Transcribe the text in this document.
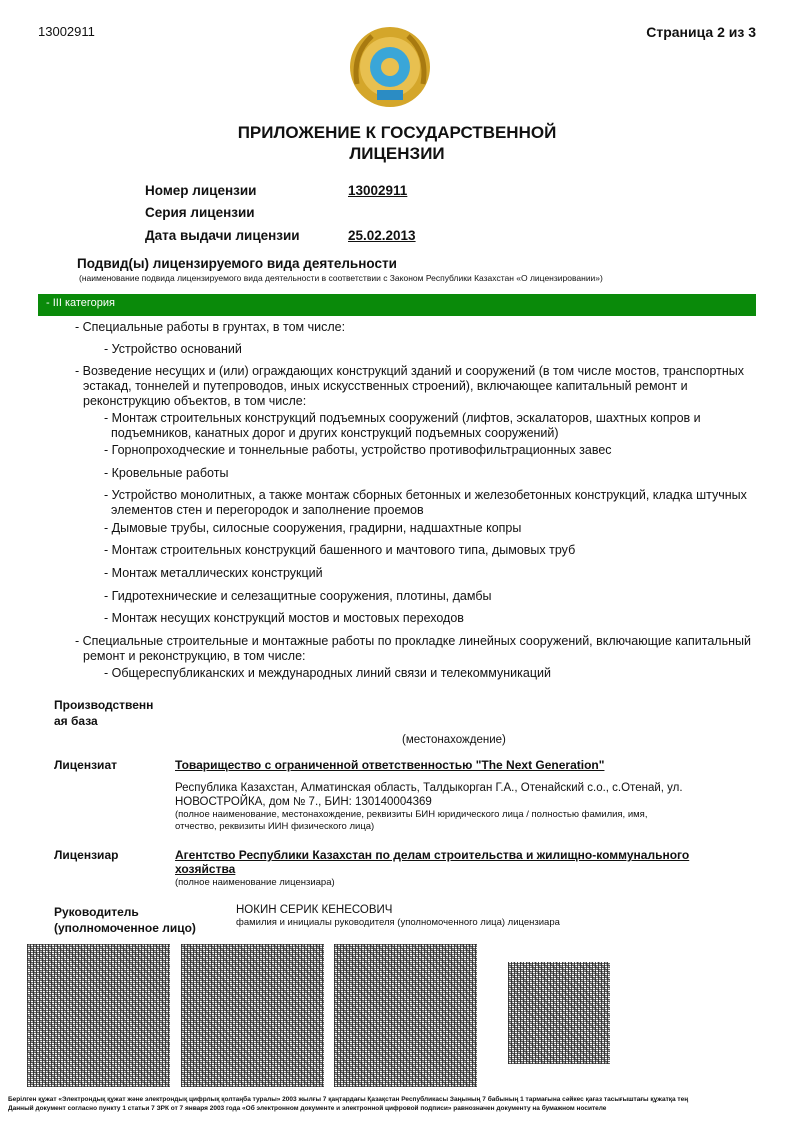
13002911	Страница 2 из 3
ПРИЛОЖЕНИЕ К ГОСУДАРСТВЕННОЙ
ЛИЦЕНЗИИ
Номер лицензии	13002911
Серия лицензии
Дата выдачи лицензии	25.02.2013
Подвид(ы) лицензируемого вида деятельности
(наименование подвида лицензируемого вида деятельности в соответствии с Законом Республики Казахстан «О лицензировании»)
- III категория
- Специальные работы в грунтах, в том числе:
- Устройство оснований
- Возведение несущих и (или) ограждающих конструкций зданий и сооружений (в том числе мостов, транспортных
эстакад, тоннелей и путепроводов, иных искусственных строений), включающее капитальный ремонт и
реконструкцию объектов, в том числе:
- Монтаж строительных конструкций подъемных сооружений (лифтов, эскалаторов, шахтных копров и
подъемников, канатных дорог и других конструкций подъемных сооружений)
- Горнопроходческие и тоннельные работы, устройство противофильтрационных завес
- Кровельные работы
- Устройство монолитных, а также монтаж сборных бетонных и железобетонных конструкций, кладка штучных
элементов стен и перегородок и заполнение проемов
- Дымовые трубы, силосные сооружения, градирни, надшахтные копры
- Монтаж строительных конструкций башенного и мачтового типа, дымовых труб
- Монтаж металлических конструкций
- Гидротехнические и селезащитные сооружения, плотины, дамбы
- Монтаж несущих конструкций мостов и мостовых переходов
- Специальные строительные и монтажные работы по прокладке линейных сооружений, включающие капитальный
ремонт и реконструкцию, в том числе:
- Общереспубликанских и международных линий связи и телекоммуникаций
Производственн
ая база
(местонахождение)
Лицензиат	Товарищество с ограниченной ответственностью "The Next Generation"
Республика Казахстан, Алматинская область, Талдыкорган Г.А., Отенайский с.о., с.Отенай, ул.
НОВОСТРОЙКА, дом № 7., БИН: 130140004369
(полное наименование, местонахождение, реквизиты БИН юридического лица / полностью фамилия, имя,
отчество, реквизиты ИИН физического лица)
Лицензиар	Агентство Республики Казахстан по делам строительства и жилищно-коммунального
хозяйства
(полное наименование лицензиара)
Руководитель
(уполномоченное лицо)
НОКИН СЕРИК КЕНЕСОВИЧ
фамилия и инициалы руководителя (уполномоченного лица) лицензиара
Берілген құжат «Электрондық құжат және электрондық цифрлық қолтаңба туралы» 2003 жылғы 7 қаңтардағы Қазақстан Республикасы Заңының 7 бабының 1 тармағына сәйкес қағаз тасығыштағы құжатқа тең
Данный документ согласно пункту 1 статьи 7 ЗРК от 7 января 2003 года «Об электронном документе и электронной цифровой подписи» равнозначен документу на бумажном носителе
